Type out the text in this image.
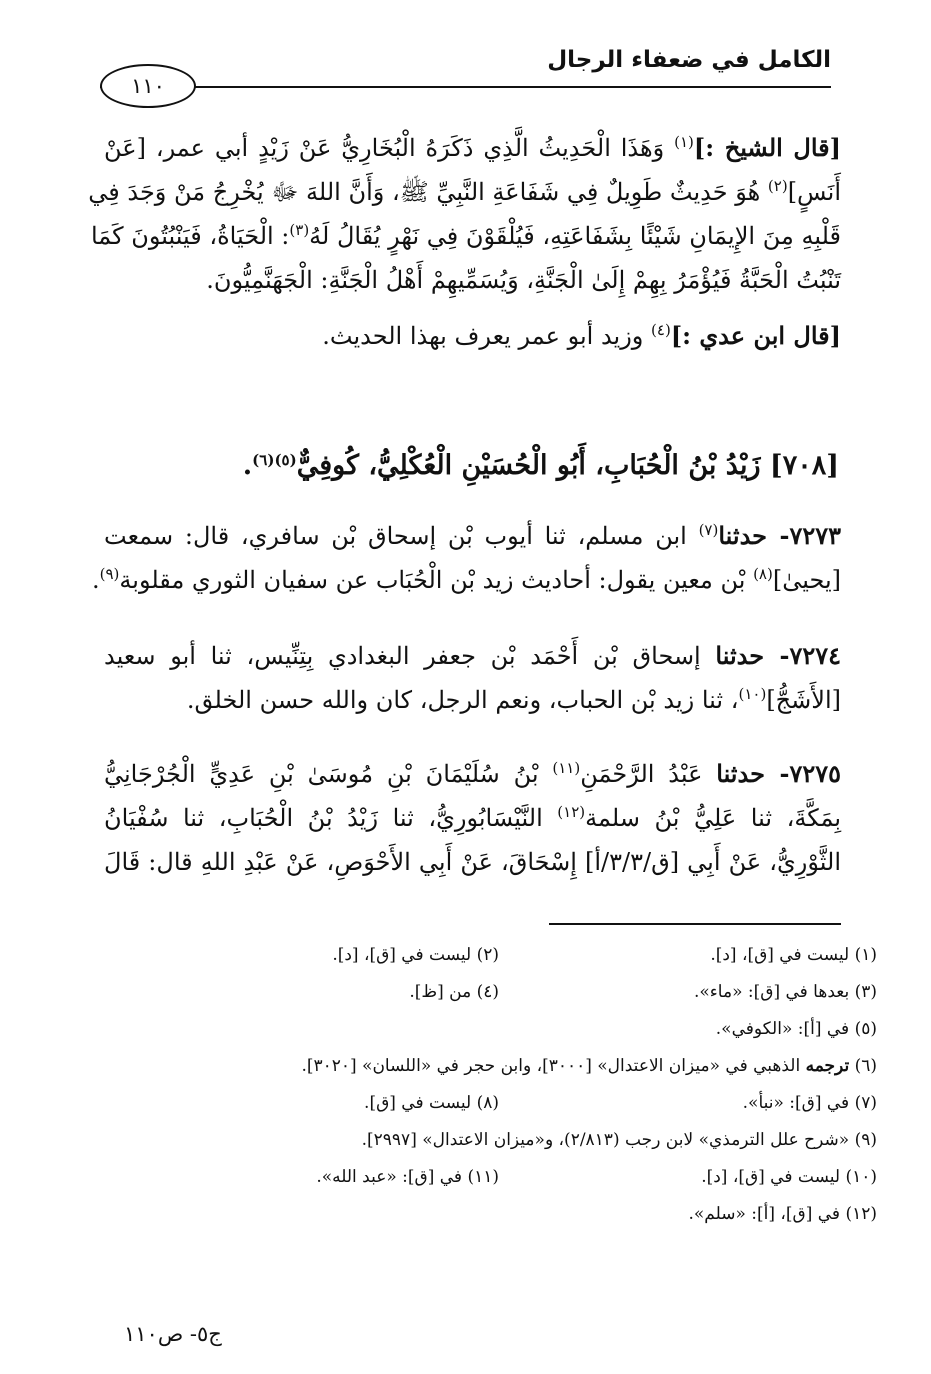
الكامل في ضعفاء الرجال
١١٠
[قال الشيخ :]$^{(١)}$ وَهَذَا الْحَدِيثُ الَّذِي ذَكَرَهُ الْبُخَارِيُّ عَنْ زَيْدٍ أبي عمر، [عَنْ
أَنَسٍ]$^{(٢)}$ هُوَ حَدِيثٌ طَوِيلٌ فِي شَفَاعَةِ النَّبِيِّ ﷺ، وَأَنَّ اللهَ ﷻ يُخْرِجُ مَنْ وَجَدَ فِي
قَلْبِهِ مِنَ الإِيمَانِ شَيْئًا بِشَفَاعَتِهِ، فَيُلْقَوْنَ فِي نَهْرٍ يُقَالُ لَهُ$^{(٣)}$: الْحَيَاةُ، فَيَنْبُتُونَ كَمَا
تَنْبُتُ الْحَبَّةُ فَيُؤْمَرُ بِهِمْ إِلَىٰ الْجَنَّةِ، وَيُسَمِّيهِمْ أَهْلُ الْجَنَّةِ: الْجَهَنَّمِيُّونَ.
[قال ابن عدي :]$^{(٤)}$ وزيد أبو عمر يعرف بهذا الحديث.
[٧٠٨] زَيْدُ بْنُ الْحُبَابِ، أَبُو الْحُسَيْنِ الْعُكْلِيُّ، كُوفِيٌّ$^{(٥)(٦)}$.
٧٢٧٣- حدثنا$^{(٧)}$ ابن مسلم، ثنا أيوب بْن إسحاق بْن سافري، قال: سمعت
[يحيىٰ]$^{(٨)}$ بْن معين يقول: أحاديث زيد بْن الْحُبَاب عن سفيان الثوري مقلوبة$^{(٩)}$.
٧٢٧٤- حدثنا إسحاق بْن أَحْمَد بْن جعفر البغدادي بِتِنِّيس، ثنا أبو سعيد
[الأَشَجُّ]$^{(١٠)}$، ثنا زيد بْن الحباب، ونعم الرجل، كان والله حسن الخلق.
٧٢٧٥- حدثنا عَبْدُ الرَّحْمَنِ$^{(١١)}$ بْنُ سُلَيْمَانَ بْنِ مُوسَىٰ بْنِ عَدِيٍّ الْجُرْجَانِيُّ
بِمَكَّةَ، ثنا عَلِيُّ بْنُ سلمة$^{(١٢)}$ النَّيْسَابُورِيُّ، ثنا زَيْدُ بْنُ الْحُبَابِ، ثنا سُفْيَانُ
الثَّوْرِيُّ، عَنْ أَبِي [ق/٣/٣/أ] إِسْحَاقَ، عَنْ أَبِي الأَحْوَصِ، عَنْ عَبْدِ اللهِ قال: قَالَ
(١) ليست في [ق]، [د].
(٢) ليست في [ق]، [د].
(٣) بعدها في [ق]: «ماء».
(٤) من [ظ].
(٥) في [أ]: «الكوفي».
(٦) ترجمه الذهبي في «ميزان الاعتدال» [٣٠٠٠]، وابن حجر في «اللسان» [٣٠٢٠].
(٧) في [ق]: «نبأ».
(٨) ليست في [ق].
(٩) «شرح علل الترمذي» لابن رجب (٢/٨١٣)، و«ميزان الاعتدال» [٢٩٩٧].
(١٠) ليست في [ق]، [د].
(١١) في [ق]: «عبد الله».
(١٢) في [ق]، [أ]: «سلم».
ج٥- ص١١٠
